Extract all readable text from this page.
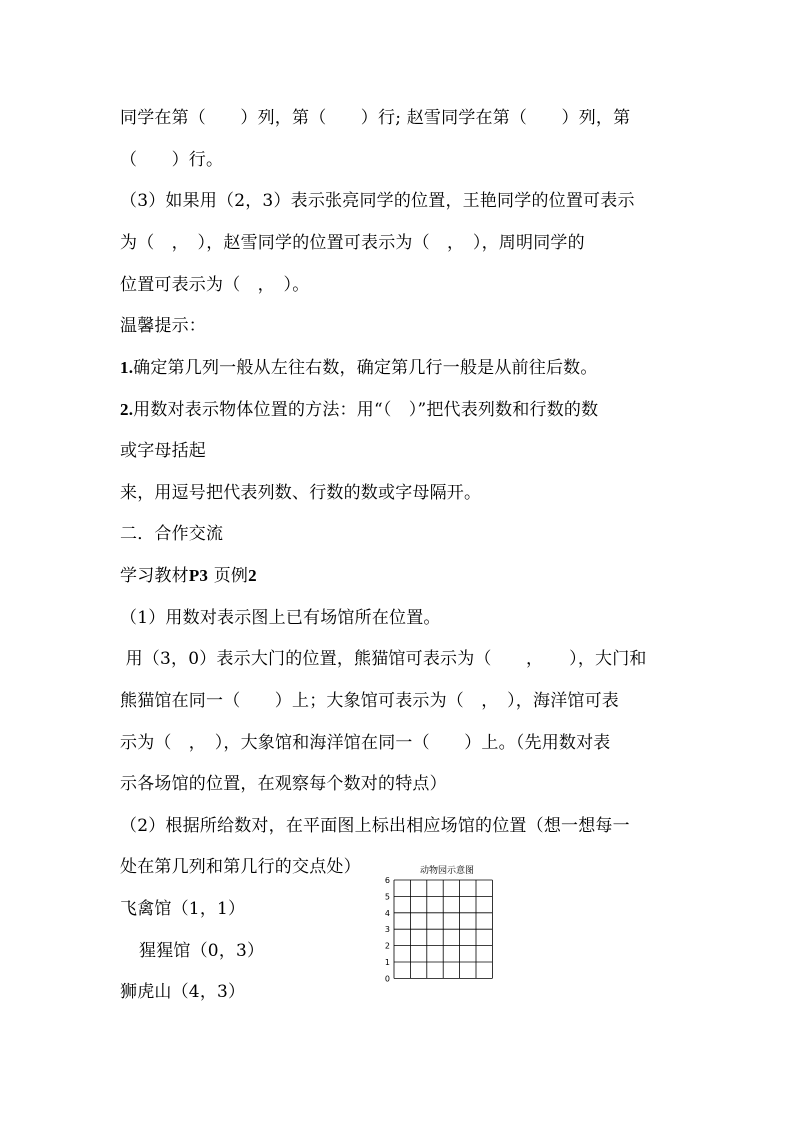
同学在第（　　）列，第（　　）行; 赵雪同学在第（　　）列，第
（　　）行。
（3）如果用（2，3）表示张亮同学的位置，王艳同学的位置可表示
为（　，　），赵雪同学的位置可表示为（　，　），周明同学的
位置可表示为（　，　）。
温馨提示：
1.确定第几列一般从左往右数，确定第几行一般是从前往后数。
2.用数对表示物体位置的方法：用“（　）”把代表列数和行数的数
或字母括起
来，用逗号把代表列数、行数的数或字母隔开。
二．合作交流
学习教材P3 页例2
（1）用数对表示图上已有场馆所在位置。
用（3，0）表示大门的位置，熊猫馆可表示为（　　，　　），大门和
熊猫馆在同一（　　）上；大象馆可表示为（　，　），海洋馆可表
示为（　，　），大象馆和海洋馆在同一（　　）上。（先用数对表
示各场馆的位置，在观察每个数对的特点）
（2）根据所给数对，在平面图上标出相应场馆的位置（想一想每一
处在第几列和第几行的交点处）
飞禽馆（1，1）
猩猩馆（0，3）
狮虎山（4，3）
动物园示意图
0
1
2
3
4
5
6
